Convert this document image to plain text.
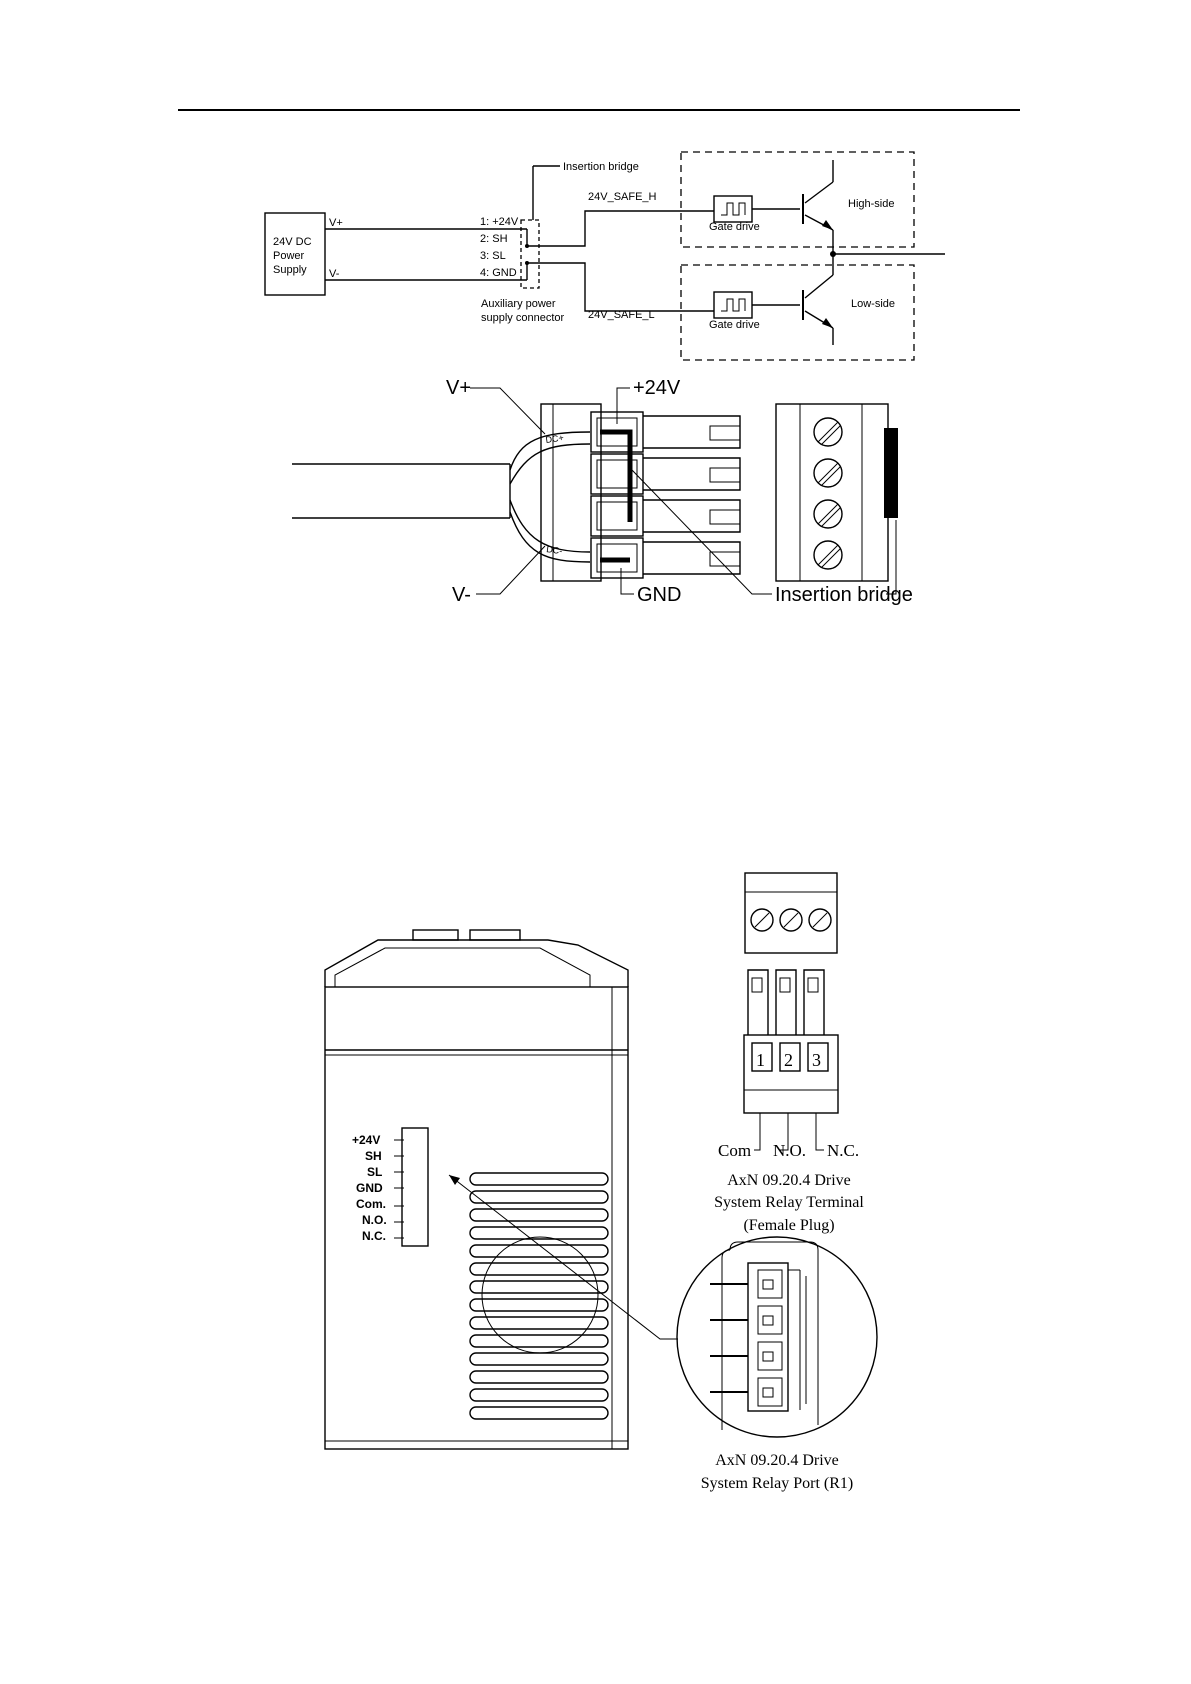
24V DC
Power
Supply
V+
V-
1: +24V
2: SH
3: SL
4: GND
Insertion bridge
24V_SAFE_H
24V_SAFE_L
Gate drive
High-side
Gate drive
Low-side
Auxiliary power
supply connector
DC+
DC-
V+
V-
+24V
GND	Insertion bridge
+24V
SH
SL
GND
Com.
N.O.
N.C.
1 2 3
Com N.O. N.C.
AxN 09.20.4 Drive
System Relay Terminal
(Female Plug)
AxN 09.20.4 Drive
System Relay Port (R1)
